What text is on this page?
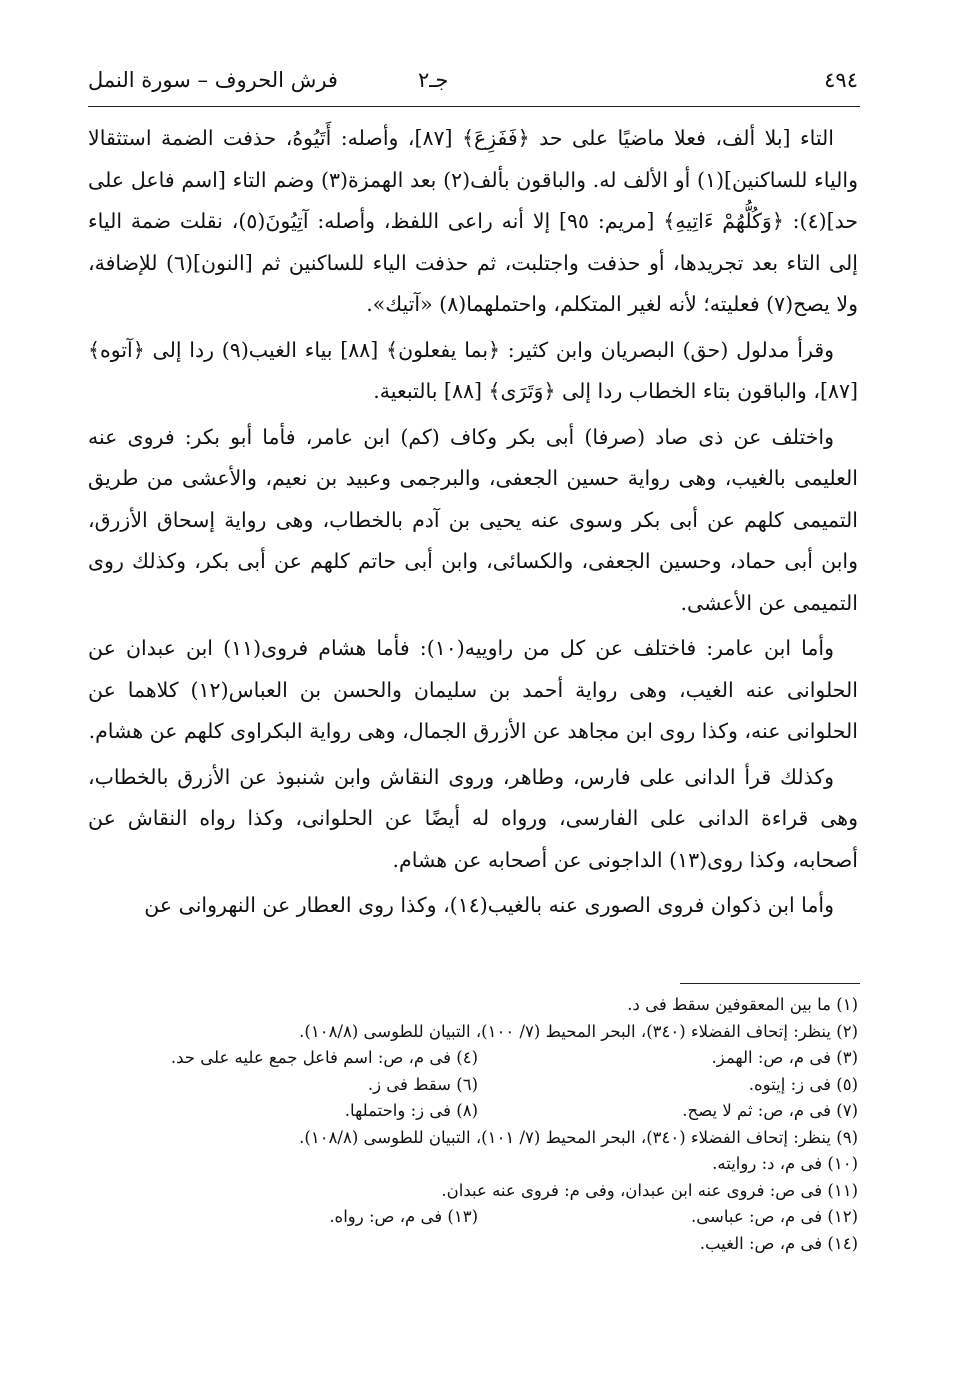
٤٩٤
جـ٢
فرش الحروف – سورة النمل

التاء [بلا ألف، فعلا ماضيًا على حد ﴿فَفَزِعَ﴾ [٨٧]، وأصله: أَتَيُوهُ، حذفت الضمة استثقالا والياء للساكنين](١) أو الألف له. والباقون بألف(٢) بعد الهمزة(٣) وضم التاء [اسم فاعل على حد](٤): ﴿وَكُلُّهُمْ ءَاتِيهِ﴾ [مريم: ٩٥] إلا أنه راعى اللفظ، وأصله: آتِيُونَ(٥)، نقلت ضمة الياء إلى التاء بعد تجريدها، أو حذفت واجتلبت، ثم حذفت الياء للساكنين ثم [النون](٦) للإضافة، ولا يصح(٧) فعليته؛ لأنه لغير المتكلم، واحتملهما(٨) «آتيك».

وقرأ مدلول (حق) البصريان وابن كثير: ﴿بما يفعلون﴾ [٨٨] بياء الغيب(٩) ردا إلى ﴿آتوه﴾ [٨٧]، والباقون بتاء الخطاب ردا إلى ﴿وَتَرَى﴾ [٨٨] بالتبعية.

واختلف عن ذى صاد (صرفا) أبى بكر وكاف (كم) ابن عامر، فأما أبو بكر: فروى عنه العليمى بالغيب، وهى رواية حسين الجعفى، والبرجمى وعبيد بن نعيم، والأعشى من طريق التميمى كلهم عن أبى بكر وسوى عنه يحيى بن آدم بالخطاب، وهى رواية إسحاق الأزرق، وابن أبى حماد، وحسين الجعفى، والكسائى، وابن أبى حاتم كلهم عن أبى بكر، وكذلك روى التميمى عن الأعشى.

وأما ابن عامر: فاختلف عن كل من راوييه(١٠): فأما هشام فروى(١١) ابن عبدان عن الحلوانى عنه الغيب، وهى رواية أحمد بن سليمان والحسن بن العباس(١٢) كلاهما عن الحلوانى عنه، وكذا روى ابن مجاهد عن الأزرق الجمال، وهى رواية البكراوى كلهم عن هشام.

وكذلك قرأ الدانى على فارس، وطاهر، وروى النقاش وابن شنبوذ عن الأزرق بالخطاب، وهى قراءة الدانى على الفارسى، ورواه له أيضًا عن الحلوانى، وكذا رواه النقاش عن أصحابه، وكذا روى(١٣) الداجونى عن أصحابه عن هشام.

وأما ابن ذكوان فروى الصورى عنه بالغيب(١٤)، وكذا روى العطار عن النهروانى عن

(١) ما بين المعقوفين سقط فى د.
(٢) ينظر: إتحاف الفضلاء (٣٤٠)، البحر المحيط (٧/ ١٠٠)، التبيان للطوسى (١٠٨/٨).
(٣) فى م، ص: الهمز.
(٤) فى م، ص: اسم فاعل جمع عليه على حد.
(٥) فى ز: إيتوه.
(٦) سقط فى ز.
(٧) فى م، ص: ثم لا يصح.
(٨) فى ز: واحتملها.
(٩) ينظر: إتحاف الفضلاء (٣٤٠)، البحر المحيط (٧/ ١٠١)، التبيان للطوسى (١٠٨/٨).
(١٠) فى م، د: روايته.
(١١) فى ص: فروى عنه ابن عبدان، وفى م: فروى عنه عبدان.
(١٢) فى م، ص: عباسى.
(١٣) فى م، ص: رواه.
(١٤) فى م، ص: الغيب.
